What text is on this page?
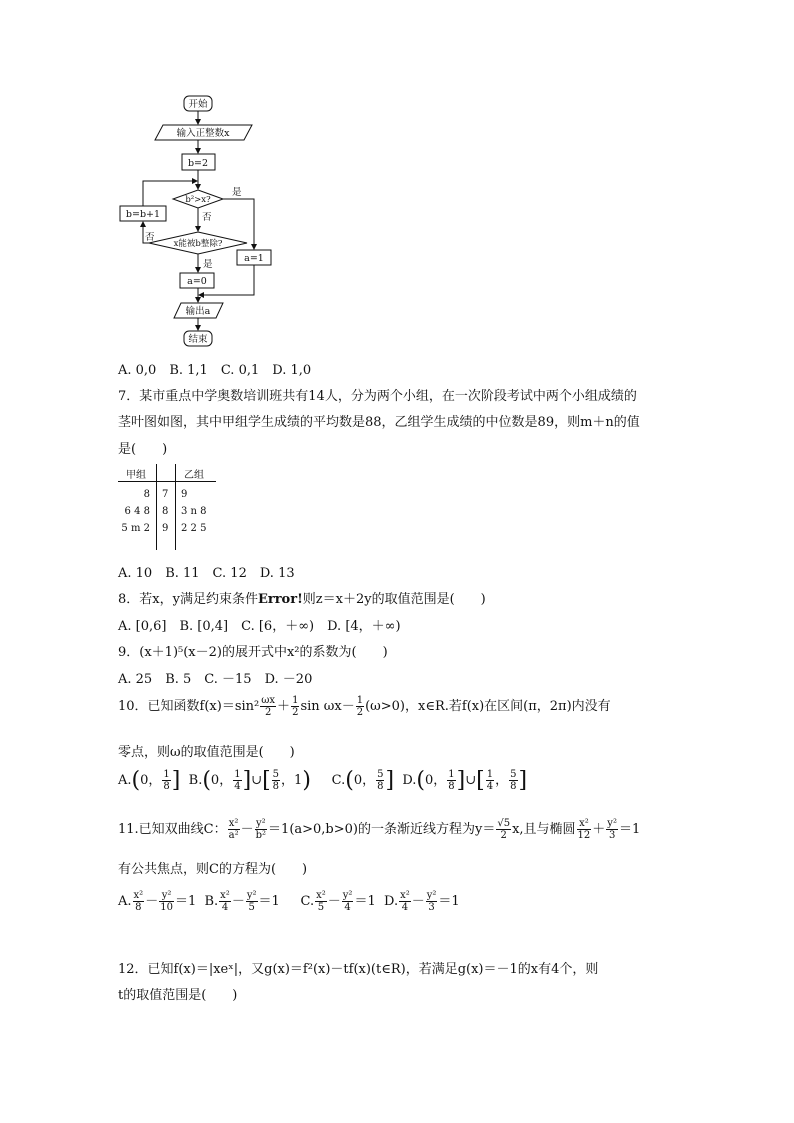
开始
输入正整数x
b=2
b²>x?
是
否
b=b+1
x能被b整除?
否
是
a=0
a=1
输出a
结束
A. 0,0　B. 1,1　C. 0,1　D. 1,0
7．某市重点中学奥数培训班共有14人，分为两个小组，在一次阶段考试中两个小组成绩的
茎叶图如图，其中甲组学生成绩的平均数是88，乙组学生成绩的中位数是89，则m＋n的值
是(　　)
甲组	乙组
8 7 9
6 4 8 8 3 n 8
5 m 2 9 2 2 5
A. 10　B. 11　C. 12　D. 13
8．若x，y满足约束条件Error!则z＝x＋2y的取值范围是(　　)
A. [0,6]　B. [0,4]　C. [6，＋∞)　D. [4，＋∞)
9．(x＋1)⁵(x－2)的展开式中x²的系数为(　　)
A. 25　B. 5　C. －15　D. －20
10．已知函数$f(x)=\sin^2 \frac{\omega x}{2} + \frac{1}{2}$ $\sin \omega x- \frac{1}{2} (\omega>0)$，x∈R.若f(x)在区间(π，2π)内没有
零点，则ω的取值范围是(　　)
A.(0， $\frac{1}{8}$ ] B.(0， $\frac{1}{4}$ ]∪[ $\frac{5}{8}$ ，1) C.(0， $\frac{5}{8}$ ] D.(0， $\frac{1}{8}$ ]∪[ $\frac{1}{4}$ ， $\frac{5}{8}$ ]
11.已知双曲线C： $\frac{\text{x²}}{\text{a²}} - \frac{\text{y²}}{\text{b²}} =1(a>0,b>0)$的一条渐近线方程为$y= \frac{√5}{2} x$,且与椭圆 $\frac{\text{x²}}{12} + \frac{\text{y²}}{3} =1$
有公共焦点，则C的方程为(　　)
A. $\frac{\text{x²}}{8} - \frac{\text{y²}}{10} =1$ B. $\frac{\text{x²}}{4} - \frac{\text{y²}}{5} =1$ C. $\frac{\text{x²}}{5} - \frac{\text{y²}}{4} =1$ D. $\frac{\text{x²}}{4} - \frac{\text{y²}}{3} =1$
12．已知f(x)＝|xeˣ|，又g(x)＝f²(x)－tf(x)(t∈R)，若满足g(x)＝－1的x有4个，则
t的取值范围是(　　)
